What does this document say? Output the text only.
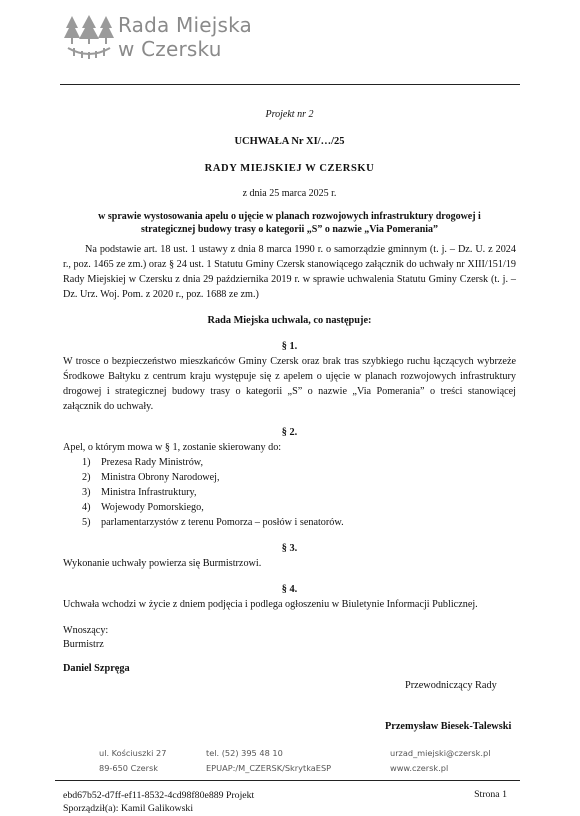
Rada Miejska
w Czersku

Projekt nr 2

UCHWAŁA Nr XI/…/25
RADY MIEJSKIEJ W CZERSKU
z dnia 25 marca 2025 r.
w sprawie wystosowania apelu o ujęcie w planach rozwojowych infrastruktury drogowej i strategicznej budowy trasy o kategorii „S” o nazwie „Via Pomerania”
Na podstawie art. 18 ust. 1 ustawy z dnia 8 marca 1990 r. o samorządzie gminnym (t. j. – Dz. U. z 2024 r., poz. 1465 ze zm.) oraz § 24 ust. 1 Statutu Gminy Czersk stanowiącego załącznik do uchwały nr XIII/151/19 Rady Miejskiej w Czersku z dnia 29 października 2019 r. w sprawie uchwalenia Statutu Gminy Czersk (t. j. – Dz. Urz. Woj. Pom. z 2020 r., poz. 1688 ze zm.)
Rada Miejska uchwala, co następuje:
§ 1.
W trosce o bezpieczeństwo mieszkańców Gminy Czersk oraz brak tras szybkiego ruchu łączących wybrzeże Środkowe Bałtyku z centrum kraju występuje się z apelem o ujęcie w planach rozwojowych infrastruktury drogowej i strategicznej budowy trasy o kategorii „S” o nazwie „Via Pomerania” o treści stanowiącej załącznik do uchwały.
§ 2.
Apel, o którym mowa w § 1, zostanie skierowany do:
1)	Prezesa Rady Ministrów,
2)	Ministra Obrony Narodowej,
3)	Ministra Infrastruktury,
4)	Wojewody Pomorskiego,
5)	parlamentarzystów z terenu Pomorza – posłów i senatorów.
§ 3.
Wykonanie uchwały powierza się Burmistrzowi.
§ 4.
Uchwała wchodzi w życie z dniem podjęcia i podlega ogłoszeniu w Biuletynie Informacji Publicznej.
Wnoszący:
Burmistrz
Daniel Szpręga
Przewodniczący Rady
Przemysław Biesek-Talewski
ul. Kościuszki 27
89-650 Czersk
tel. (52) 395 48 10
EPUAP:/M_CZERSK/SkrytkaESP
urzad_miejski@czersk.pl
www.czersk.pl
ebd67b52-d7ff-ef11-8532-4cd98f80e889 Projekt
Sporządził(a): Kamil Galikowski
Strona 1
